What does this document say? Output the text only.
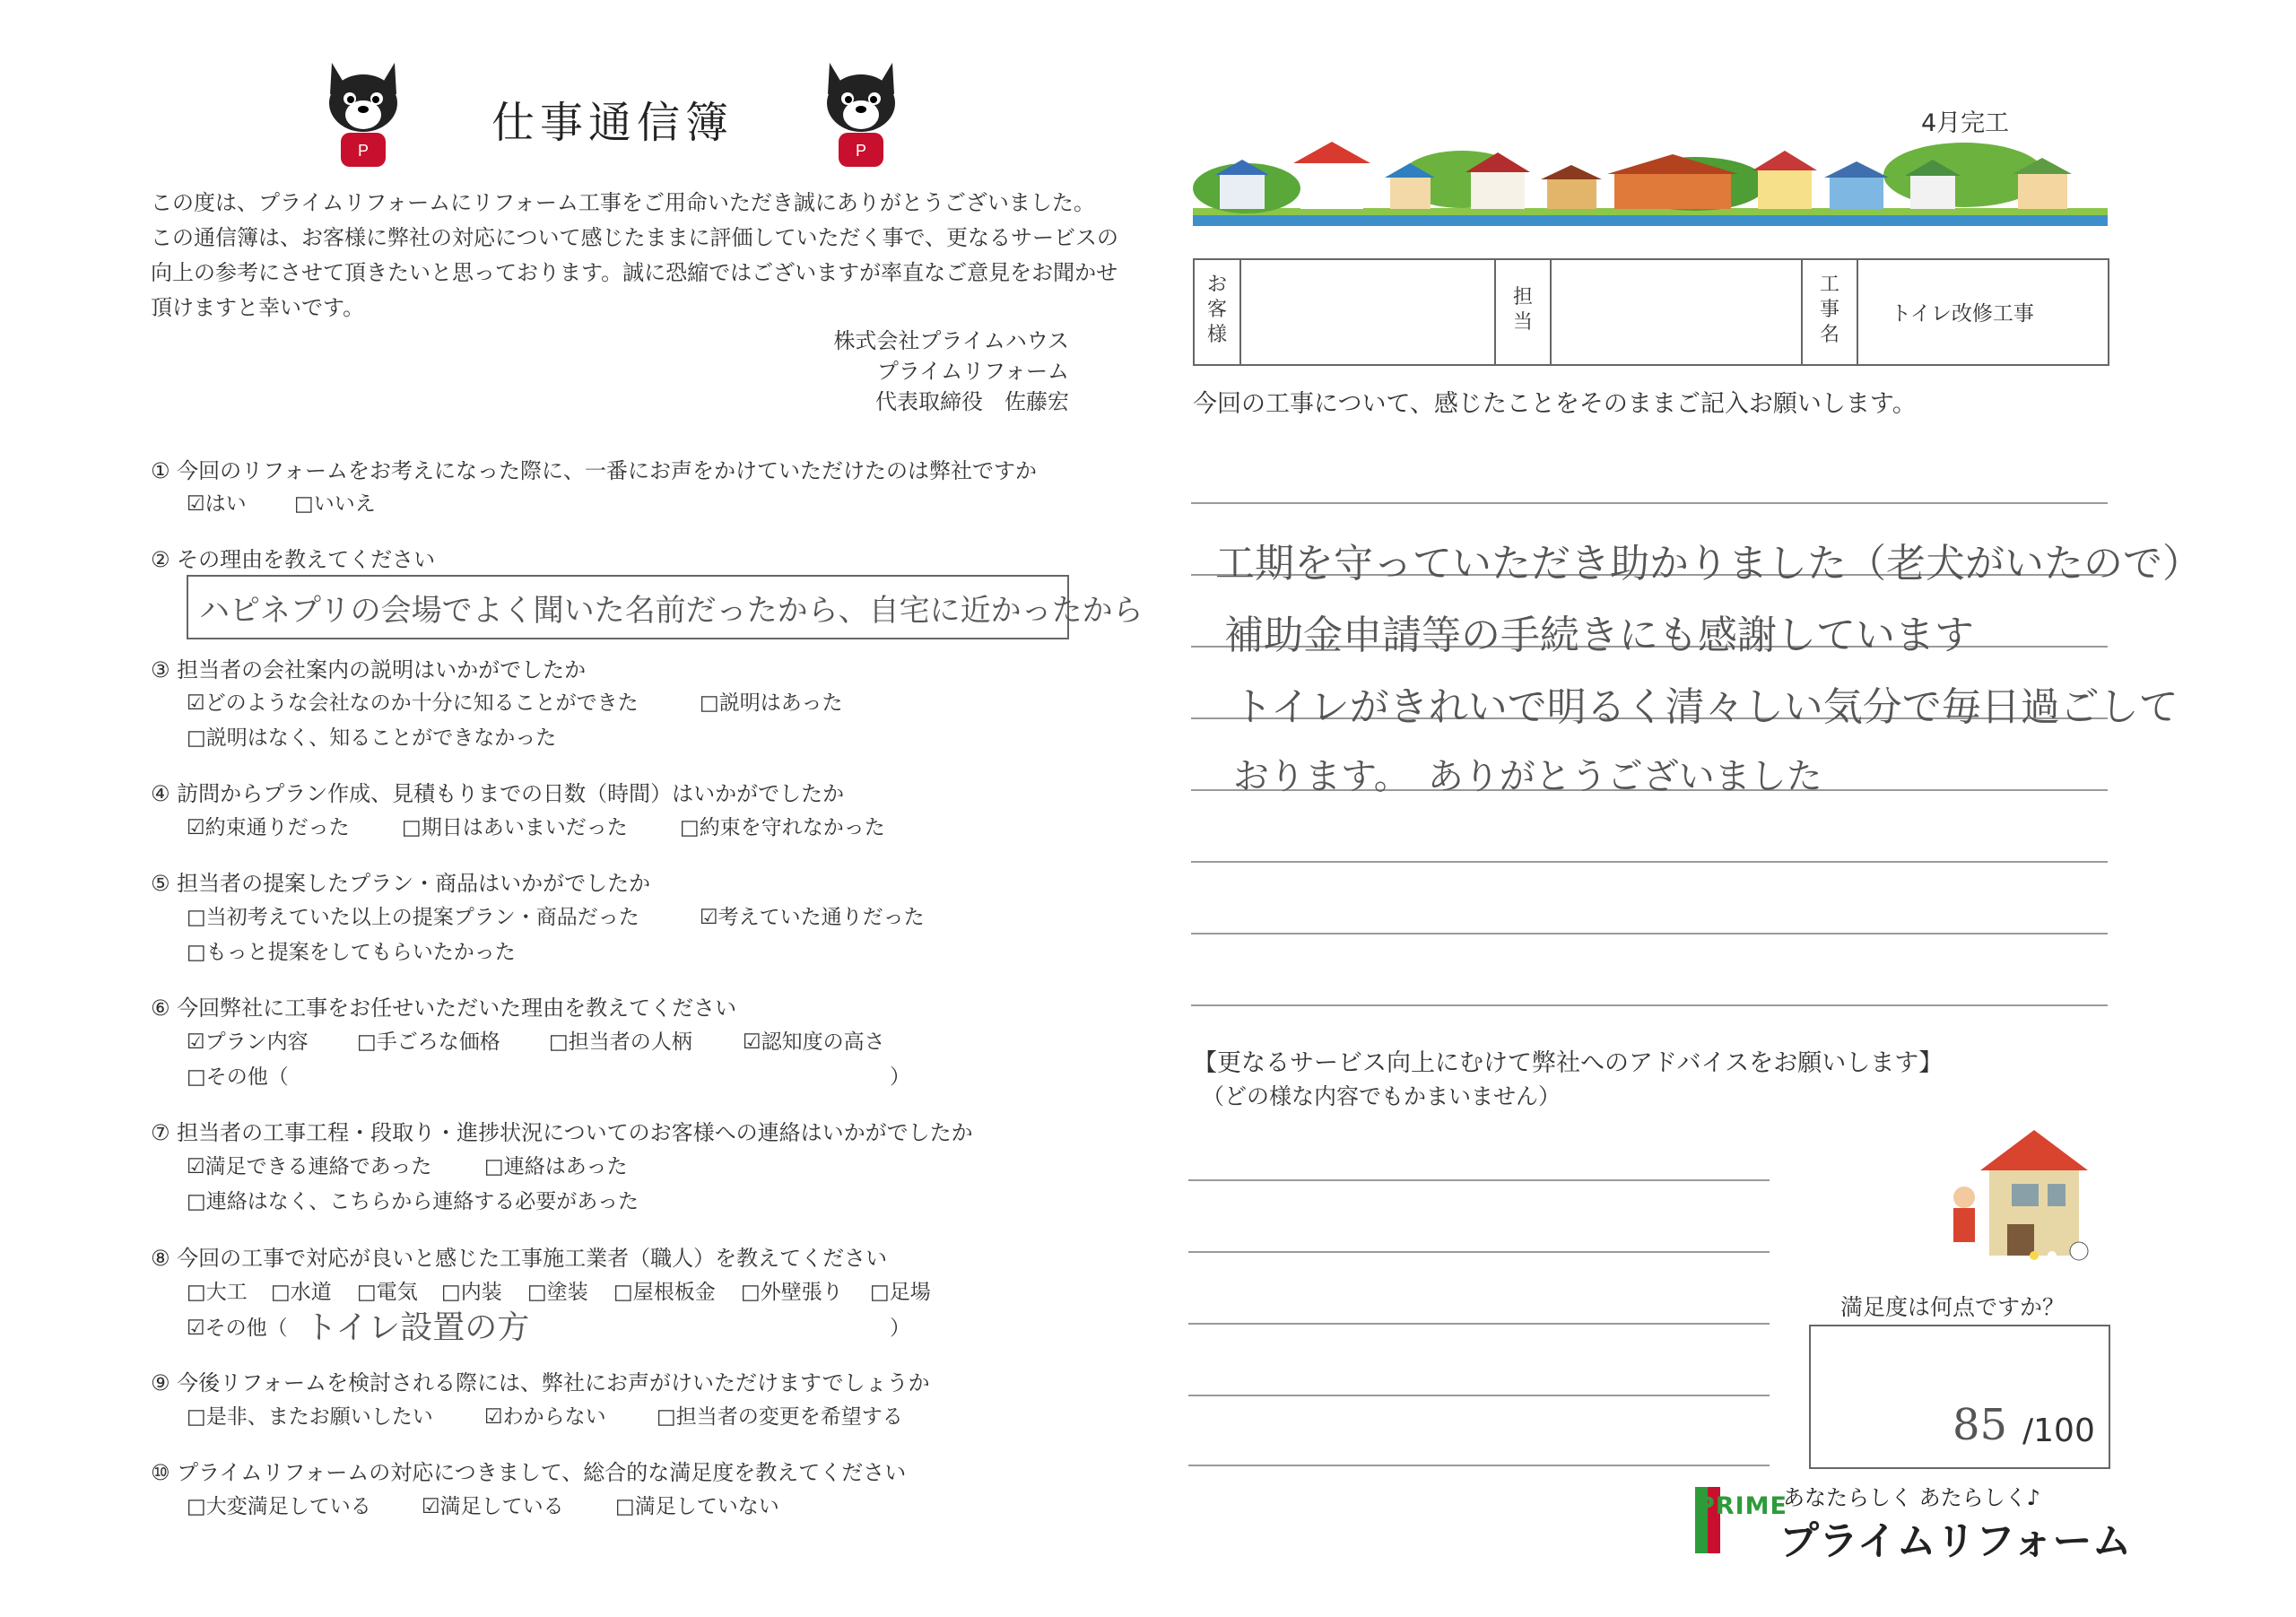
P	P
仕事通信簿
この度は、プライムリフォームにリフォーム工事をご用命いただき誠にありがとうございました。
この通信簿は、お客様に弊社の対応について感じたままに評価していただく事で、更なるサービスの
向上の参考にさせて頂きたいと思っております。誠に恐縮ではございますが率直なご意見をお聞かせ
頂けますと幸いです。
株式会社プライムハウス
プライムリフォーム
代表取締役　佐藤宏
① 今回のリフォームをお考えになった際に、一番にお声をかけていただけたのは弊社ですか
☑はい □いいえ
② その理由を教えてください
ハピネプリの会場でよく聞いた名前だったから、自宅に近かったから
③ 担当者の会社案内の説明はいかがでしたか
☑どのような会社なのか十分に知ることができた	□説明はあった
□説明はなく、知ることができなかった
④ 訪問からプラン作成、見積もりまでの日数（時間）はいかがでしたか
☑約束通りだった	□期日はあいまいだった	□約束を守れなかった
⑤ 担当者の提案したプラン・商品はいかがでしたか
□当初考えていた以上の提案プラン・商品だった	☑考えていた通りだった
□もっと提案をしてもらいたかった
⑥ 今回弊社に工事をお任せいただいた理由を教えてください
☑プラン内容 □手ごろな価格 □担当者の人柄 ☑認知度の高さ
□その他（	）
⑦ 担当者の工事工程・段取り・進捗状況についてのお客様への連絡はいかがでしたか
☑満足できる連絡であった	□連絡はあった
□連絡はなく、こちらから連絡する必要があった
⑧ 今回の工事で対応が良いと感じた工事施工業者（職人）を教えてください
□大工 □水道 □電気 □内装 □塗装 □屋根板金 □外壁張り □足場
☑その他（ トイレ設置の方	）
⑨ 今後リフォームを検討される際には、弊社にお声がけいただけますでしょうか
□是非、またお願いしたい ☑わからない □担当者の変更を希望する
⑩ プライムリフォームの対応につきまして、総合的な満足度を教えてください
□大変満足している ☑満足している □満足していない
4月完工
お客様
担当
工事名
トイレ改修工事
今回の工事について、感じたことをそのままご記入お願いします。
工期を守っていただき助かりました（老犬がいたので）
補助金申請等の手続きにも感謝しています
トイレがきれいで明るく清々しい気分で毎日過ごして
おります。　ありがとうございました
【更なるサービス向上にむけて弊社へのアドバイスをお願いします】
（どの様な内容でもかまいません）
満足度は何点ですか？
85 /100
PRIME
あなたらしく あたらしく♪
プライムリフォーム
